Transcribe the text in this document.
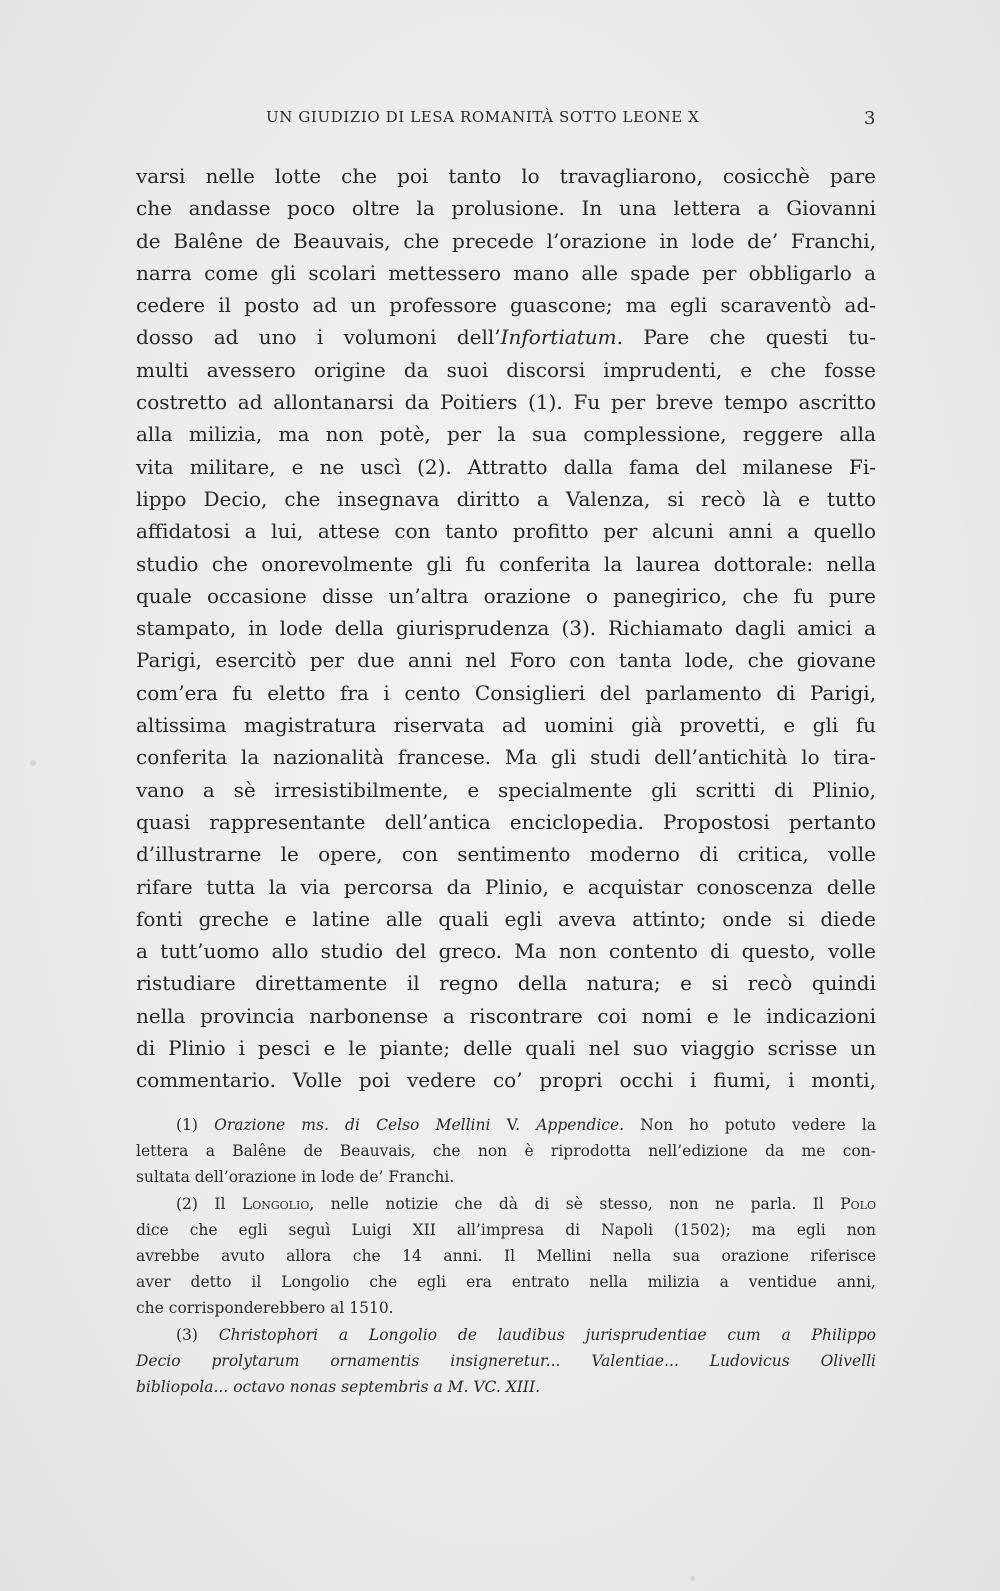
UN GIUDIZIO DI LESA ROMANITÀ SOTTO LEONE X	3
varsi nelle lotte che poi tanto lo travagliarono, cosicchè pare
che andasse poco oltre la prolusione. In una lettera a Giovanni
de Balêne de Beauvais, che precede l’orazione in lode de’ Franchi,
narra come gli scolari mettessero mano alle spade per obbligarlo a
cedere il posto ad un professore guascone; ma egli scaraventò ad-
dosso ad uno i volumoni dell’Infortiatum. Pare che questi tu-
multi avessero origine da suoi discorsi imprudenti, e che fosse
costretto ad allontanarsi da Poitiers (1). Fu per breve tempo ascritto
alla milizia, ma non potè, per la sua complessione, reggere alla
vita militare, e ne uscì (2). Attratto dalla fama del milanese Fi-
lippo Decio, che insegnava diritto a Valenza, si recò là e tutto
affidatosi a lui, attese con tanto profitto per alcuni anni a quello
studio che onorevolmente gli fu conferita la laurea dottorale: nella
quale occasione disse un’altra orazione o panegirico, che fu pure
stampato, in lode della giurisprudenza (3). Richiamato dagli amici a
Parigi, esercitò per due anni nel Foro con tanta lode, che giovane
com’era fu eletto fra i cento Consiglieri del parlamento di Parigi,
altissima magistratura riservata ad uomini già provetti, e gli fu
conferita la nazionalità francese. Ma gli studi dell’antichità lo tira-
vano a sè irresistibilmente, e specialmente gli scritti di Plinio,
quasi rappresentante dell’antica enciclopedia. Propostosi pertanto
d’illustrarne le opere, con sentimento moderno di critica, volle
rifare tutta la via percorsa da Plinio, e acquistar conoscenza delle
fonti greche e latine alle quali egli aveva attinto; onde si diede
a tutt’uomo allo studio del greco. Ma non contento di questo, volle
ristudiare direttamente il regno della natura; e si recò quindi
nella provincia narbonense a riscontrare coi nomi e le indicazioni
di Plinio i pesci e le piante; delle quali nel suo viaggio scrisse un
commentario. Volle poi vedere co’ propri occhi i fiumi, i monti,
(1) Orazione ms. di Celso Mellini V. Appendice. Non ho potuto vedere la
lettera a Balêne de Beauvais, che non è riprodotta nell’edizione da me con-
sultata dell’orazione in lode de’ Franchi.
(2) Il Longolio, nelle notizie che dà di sè stesso, non ne parla. Il Polo
dice che egli seguì Luigi XII all’impresa di Napoli (1502); ma egli non
avrebbe avuto allora che 14 anni. Il Mellini nella sua orazione riferisce
aver detto il Longolio che egli era entrato nella milizia a ventidue anni,
che corrisponderebbero al 1510.
(3) Christophori a Longolio de laudibus jurisprudentiae cum a Philippo
Decio prolytarum ornamentis insigneretur... Valentiae... Ludovicus Olivelli
bibliopola... octavo nonas septembris a M. VC. XIII.
